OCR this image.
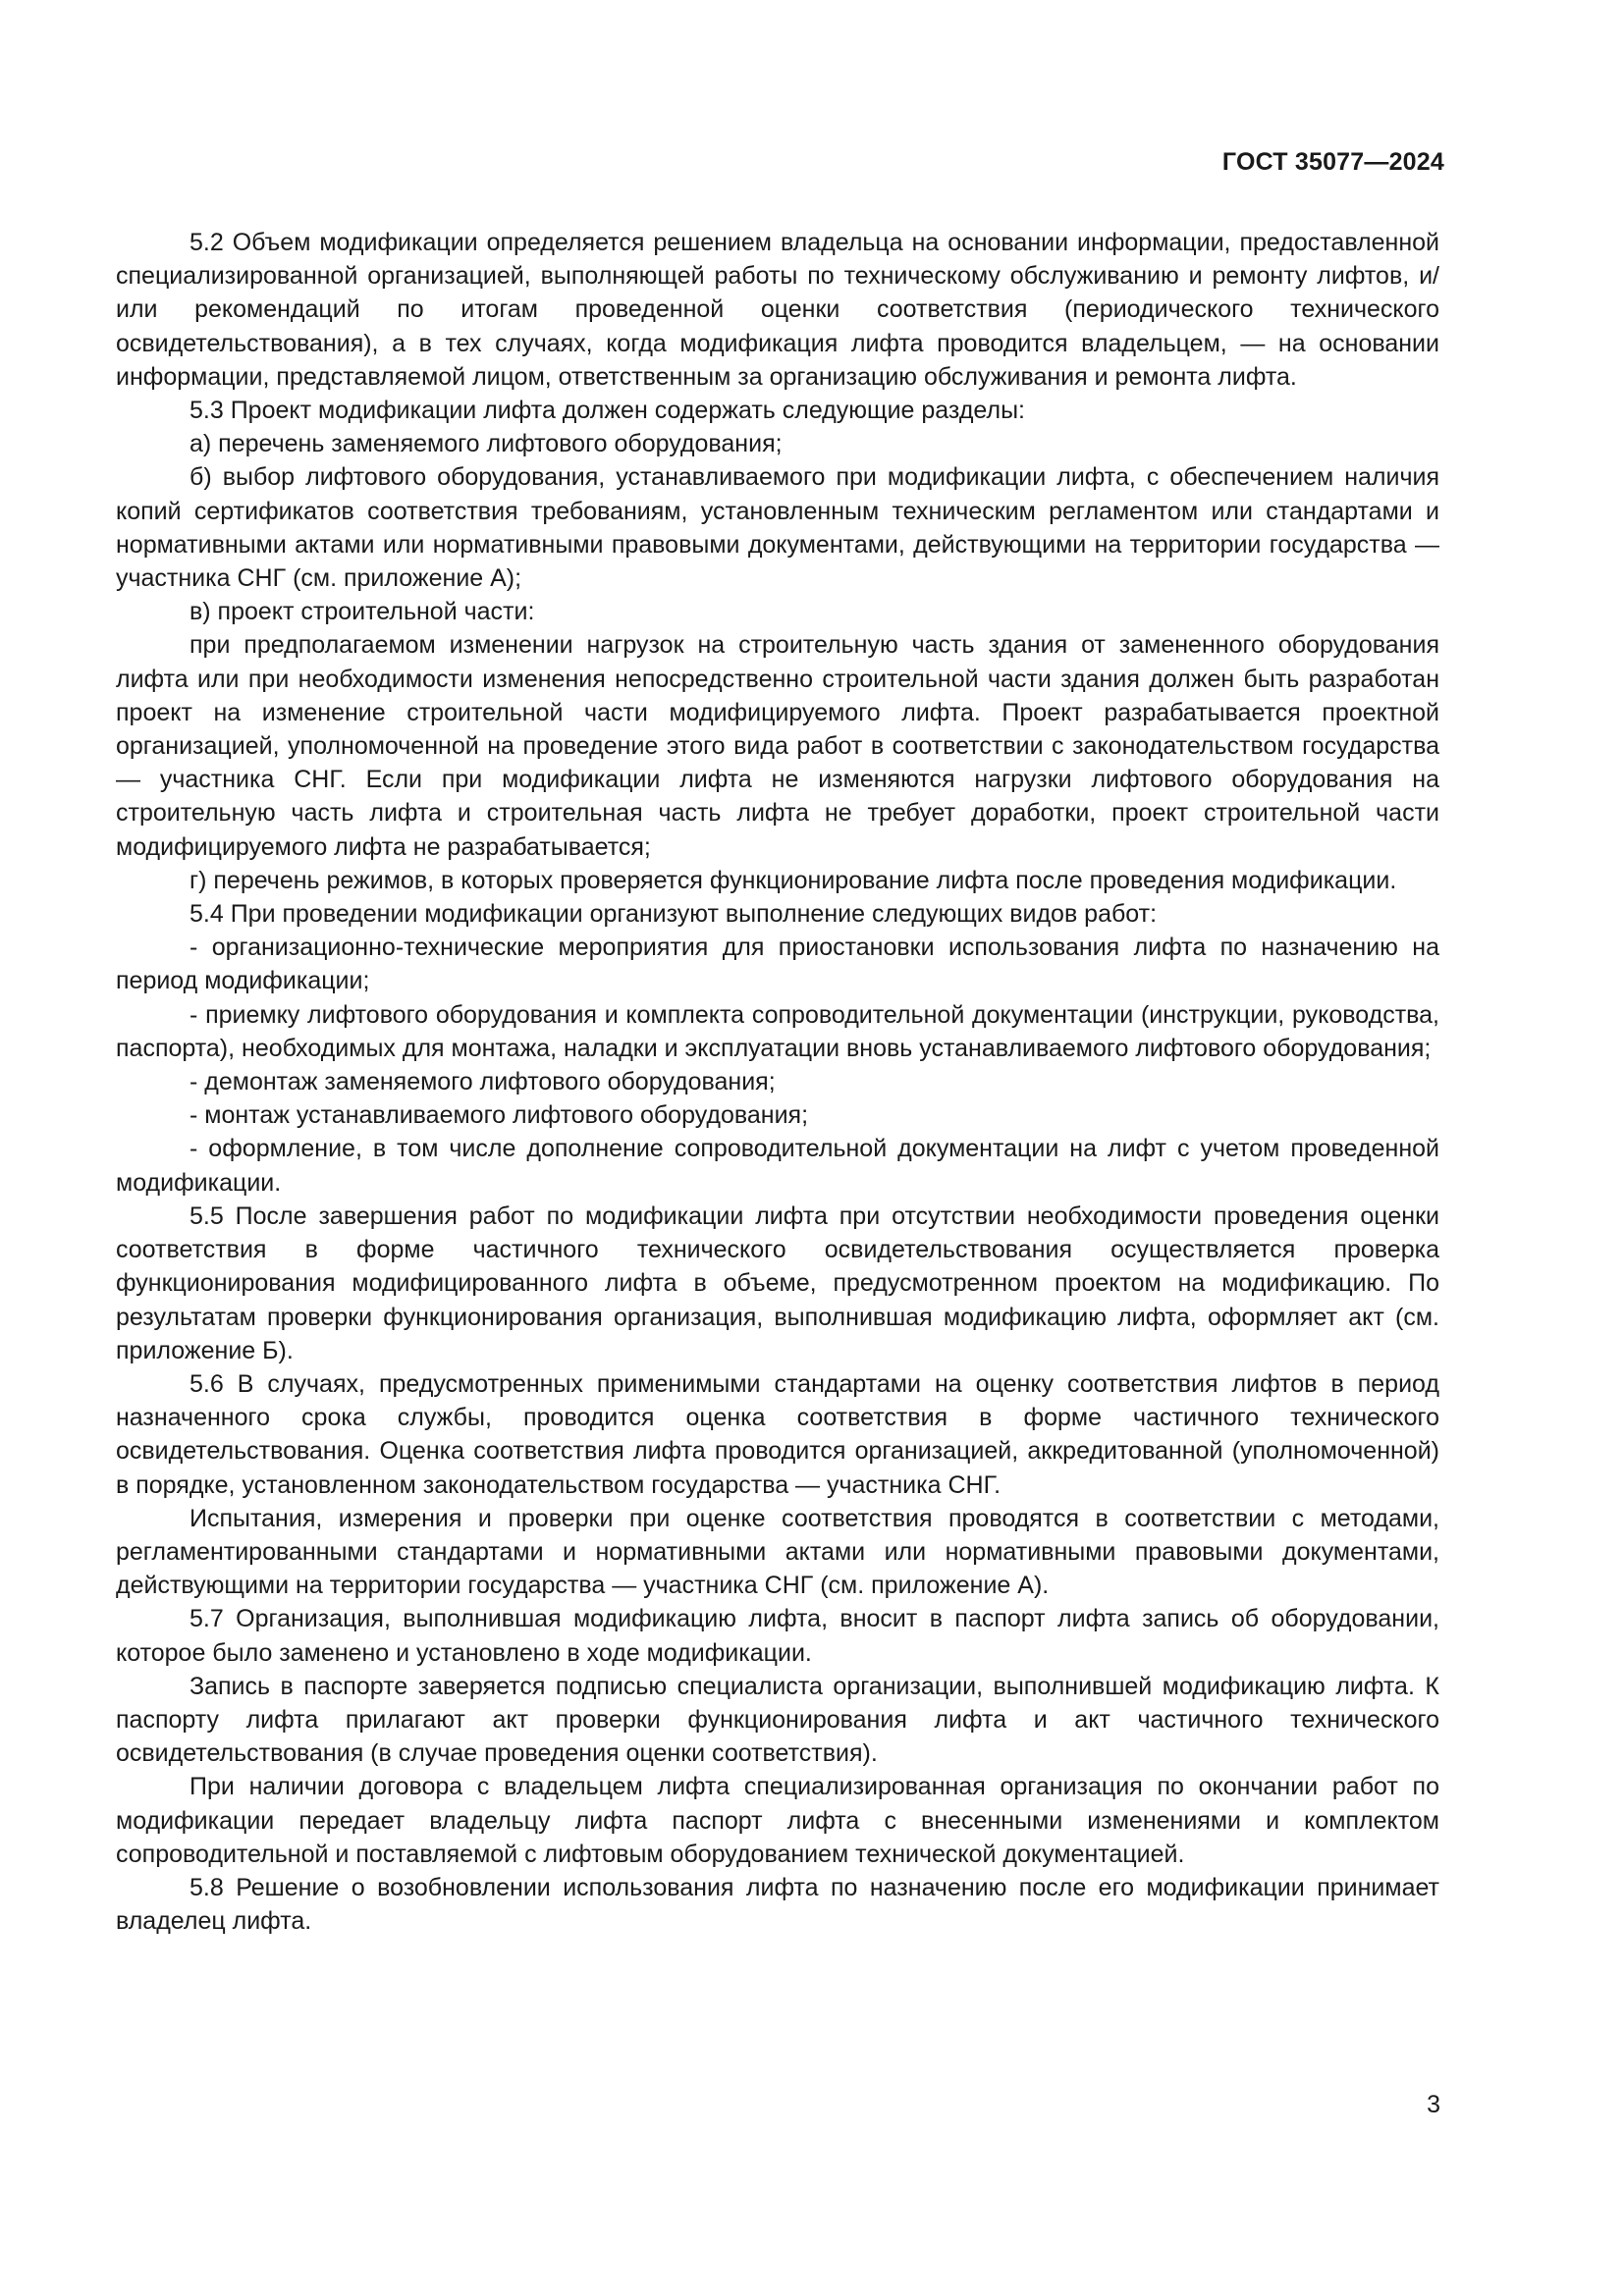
ГОСТ 35077—2024

5.2 Объем модификации определяется решением владельца на основании информации, предоставленной специализированной организацией, выполняющей работы по техническому обслуживанию и ремонту лифтов, и/или рекомендаций по итогам проведенной оценки соответствия (периодического технического освидетельствования), а в тех случаях, когда модификация лифта проводится владельцем, — на основании информации, представляемой лицом, ответственным за организацию обслуживания и ремонта лифта.

5.3 Проект модификации лифта должен содержать следующие разделы:

а) перечень заменяемого лифтового оборудования;

б) выбор лифтового оборудования, устанавливаемого при модификации лифта, с обеспечением наличия копий сертификатов соответствия требованиям, установленным техническим регламентом или стандартами и нормативными актами или нормативными правовыми документами, действующими на территории государства — участника СНГ (см. приложение А);

в) проект строительной части:

при предполагаемом изменении нагрузок на строительную часть здания от замененного оборудования лифта или при необходимости изменения непосредственно строительной части здания должен быть разработан проект на изменение строительной части модифицируемого лифта. Проект разрабатывается проектной организацией, уполномоченной на проведение этого вида работ в соответствии с законодательством государства — участника СНГ. Если при модификации лифта не изменяются нагрузки лифтового оборудования на строительную часть лифта и строительная часть лифта не требует доработки, проект строительной части модифицируемого лифта не разрабатывается;

г) перечень режимов, в которых проверяется функционирование лифта после проведения модификации.

5.4 При проведении модификации организуют выполнение следующих видов работ:

- организационно-технические мероприятия для приостановки использования лифта по назначению на период модификации;

- приемку лифтового оборудования и комплекта сопроводительной документации (инструкции, руководства, паспорта), необходимых для монтажа, наладки и эксплуатации вновь устанавливаемого лифтового оборудования;

- демонтаж заменяемого лифтового оборудования;

- монтаж устанавливаемого лифтового оборудования;

- оформление, в том числе дополнение сопроводительной документации на лифт с учетом проведенной модификации.

5.5 После завершения работ по модификации лифта при отсутствии необходимости проведения оценки соответствия в форме частичного технического освидетельствования осуществляется проверка функционирования модифицированного лифта в объеме, предусмотренном проектом на модификацию. По результатам проверки функционирования организация, выполнившая модификацию лифта, оформляет акт (см. приложение Б).

5.6 В случаях, предусмотренных применимыми стандартами на оценку соответствия лифтов в период назначенного срока службы, проводится оценка соответствия в форме частичного технического освидетельствования. Оценка соответствия лифта проводится организацией, аккредитованной (уполномоченной) в порядке, установленном законодательством государства — участника СНГ.

Испытания, измерения и проверки при оценке соответствия проводятся в соответствии с методами, регламентированными стандартами и нормативными актами или нормативными правовыми документами, действующими на территории государства — участника СНГ (см. приложение А).

5.7 Организация, выполнившая модификацию лифта, вносит в паспорт лифта запись об оборудовании, которое было заменено и установлено в ходе модификации.

Запись в паспорте заверяется подписью специалиста организации, выполнившей модификацию лифта. К паспорту лифта прилагают акт проверки функционирования лифта и акт частичного технического освидетельствования (в случае проведения оценки соответствия).

При наличии договора с владельцем лифта специализированная организация по окончании работ по модификации передает владельцу лифта паспорт лифта с внесенными изменениями и комплектом сопроводительной и поставляемой с лифтовым оборудованием технической документацией.

5.8 Решение о возобновлении использования лифта по назначению после его модификации принимает владелец лифта.

3
